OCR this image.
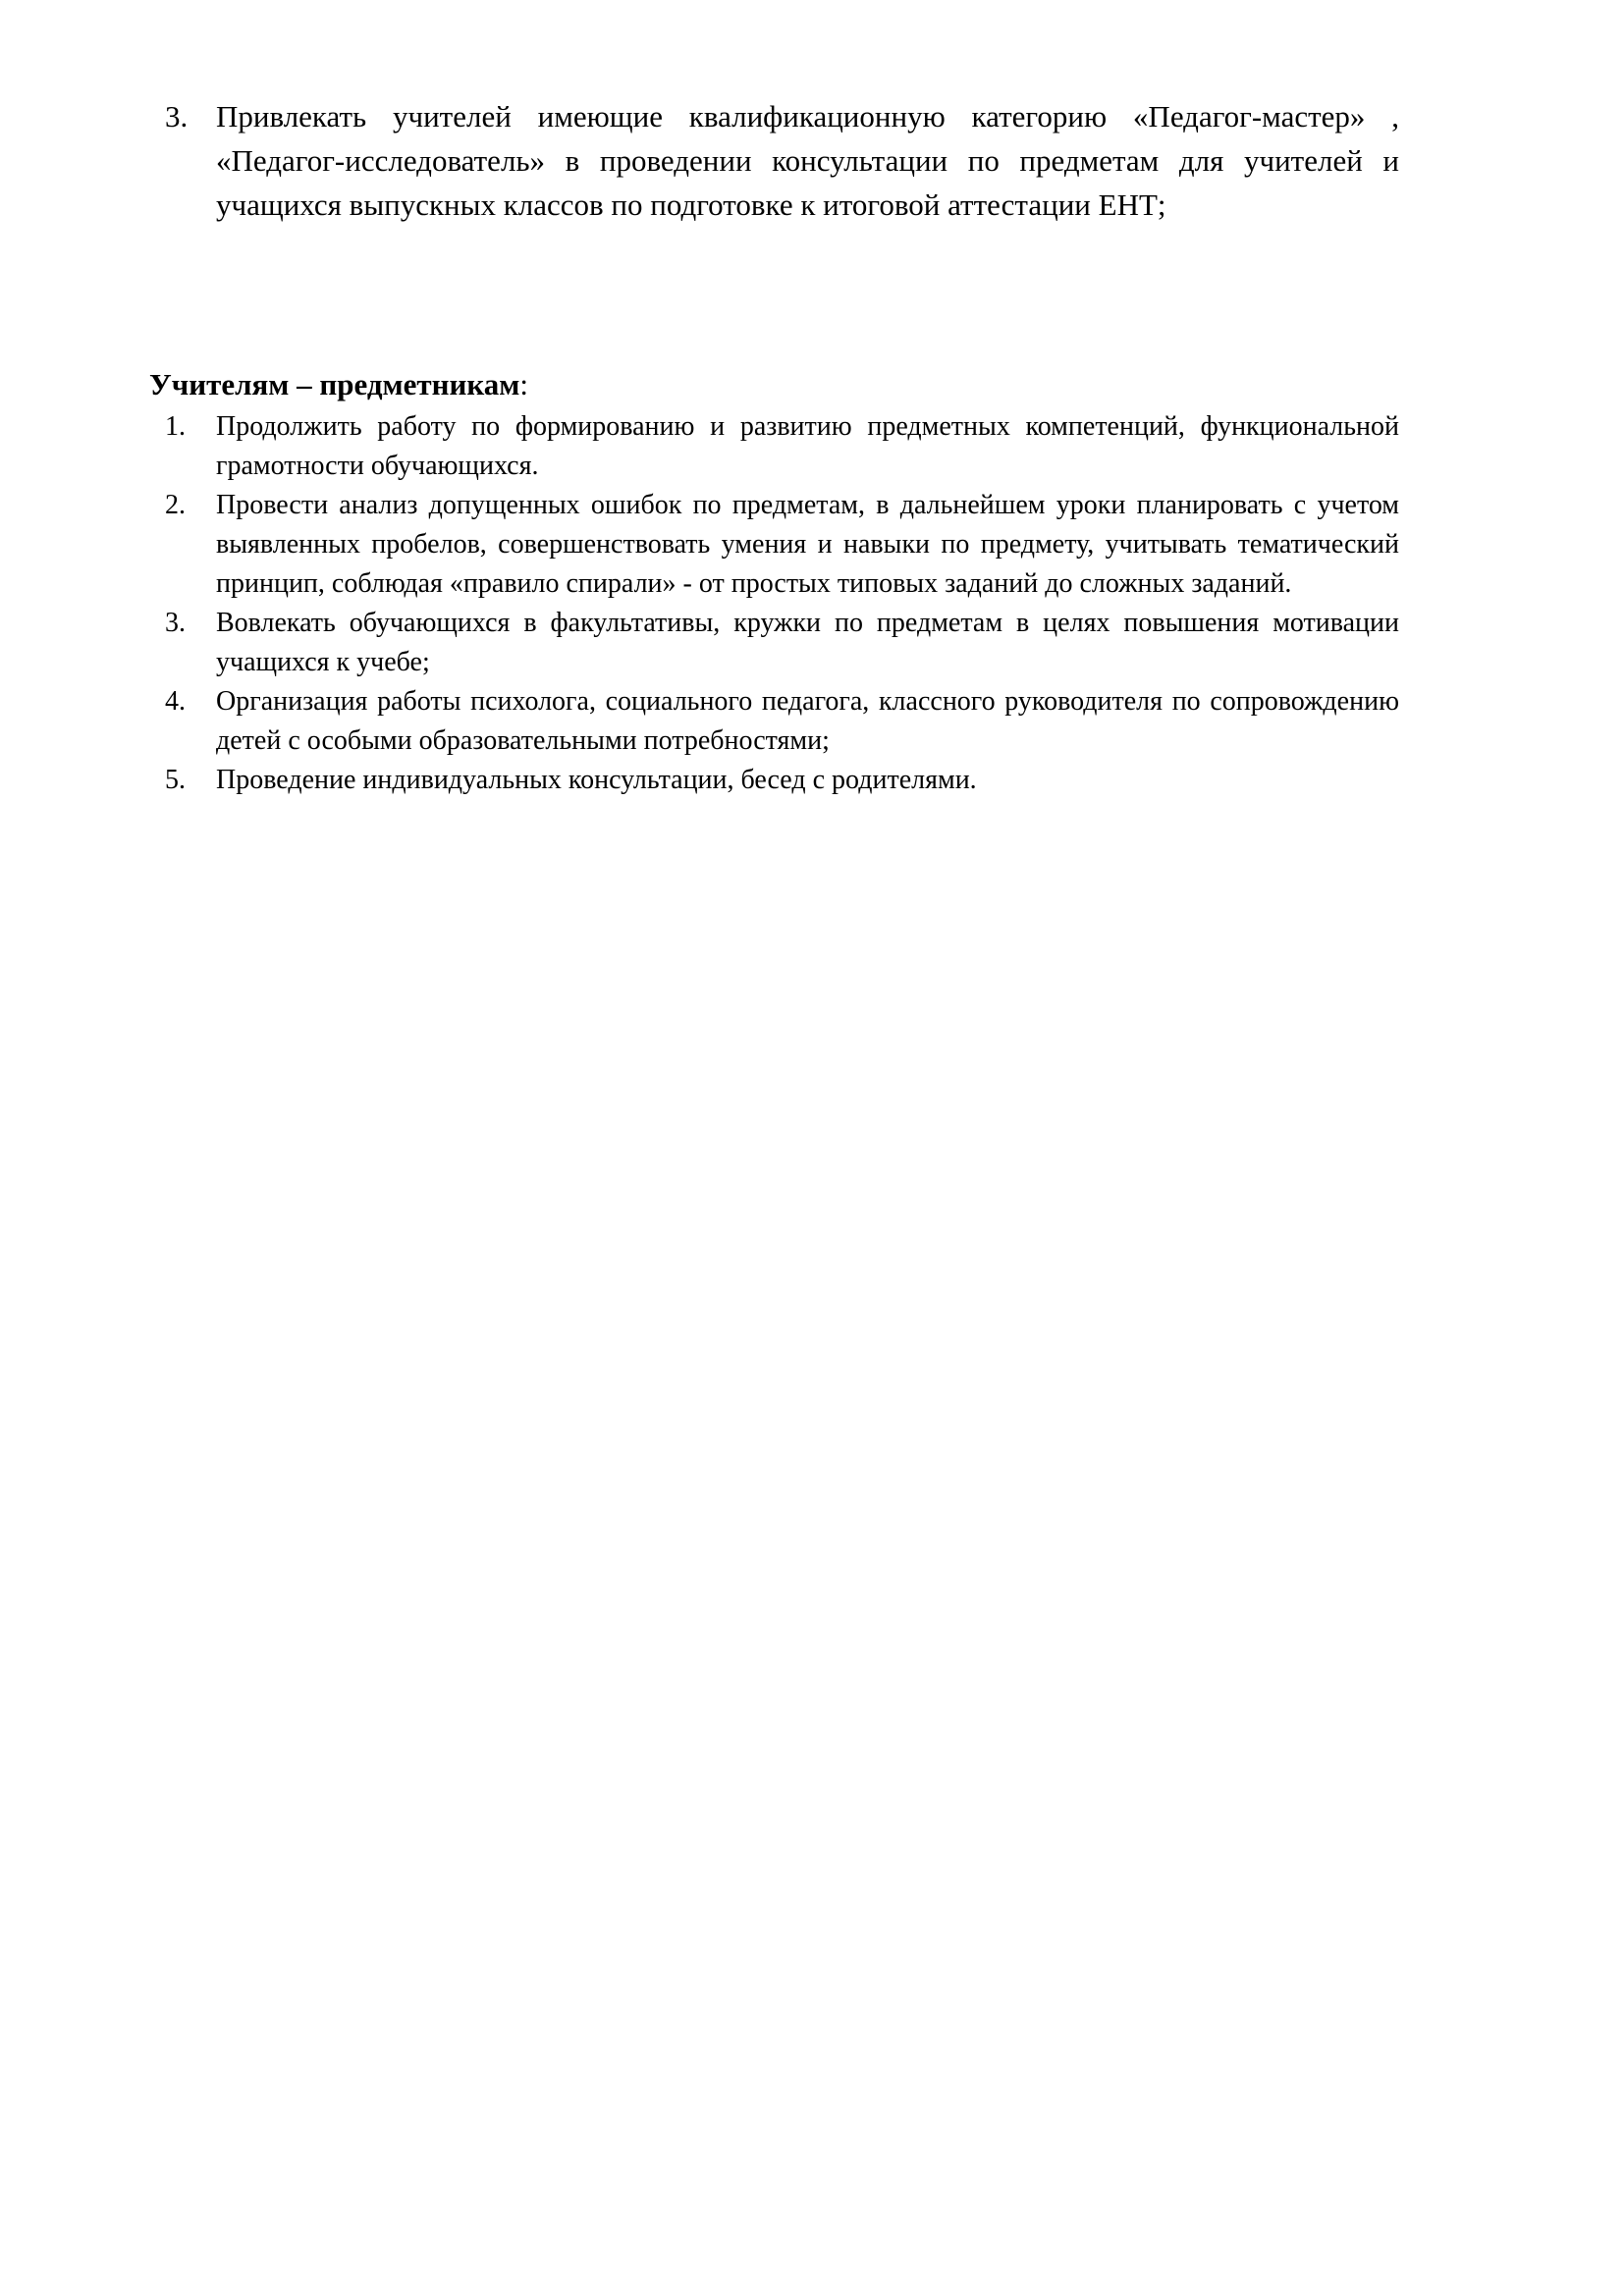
3. Привлекать учителей имеющие квалификационную категорию «Педагог-мастер» , «Педагог-исследователь» в проведении консультации по предметам для учителей и учащихся выпускных классов по подготовке к итоговой аттестации ЕНТ;
Учителям – предметникам:
1. Продолжить работу по формированию и развитию предметных компетенций, функциональной грамотности обучающихся.
2. Провести анализ допущенных ошибок по предметам, в дальнейшем уроки планировать с учетом выявленных пробелов, совершенствовать умения и навыки по предмету, учитывать тематический принцип, соблюдая «правило спирали» - от простых типовых заданий до сложных заданий.
3. Вовлекать обучающихся в факультативы, кружки по предметам в целях повышения мотивации учащихся к учебе;
4. Организация работы психолога, социального педагога, классного руководителя по сопровождению детей с особыми образовательными потребностями;
5. Проведение индивидуальных консультации, бесед с родителями.
